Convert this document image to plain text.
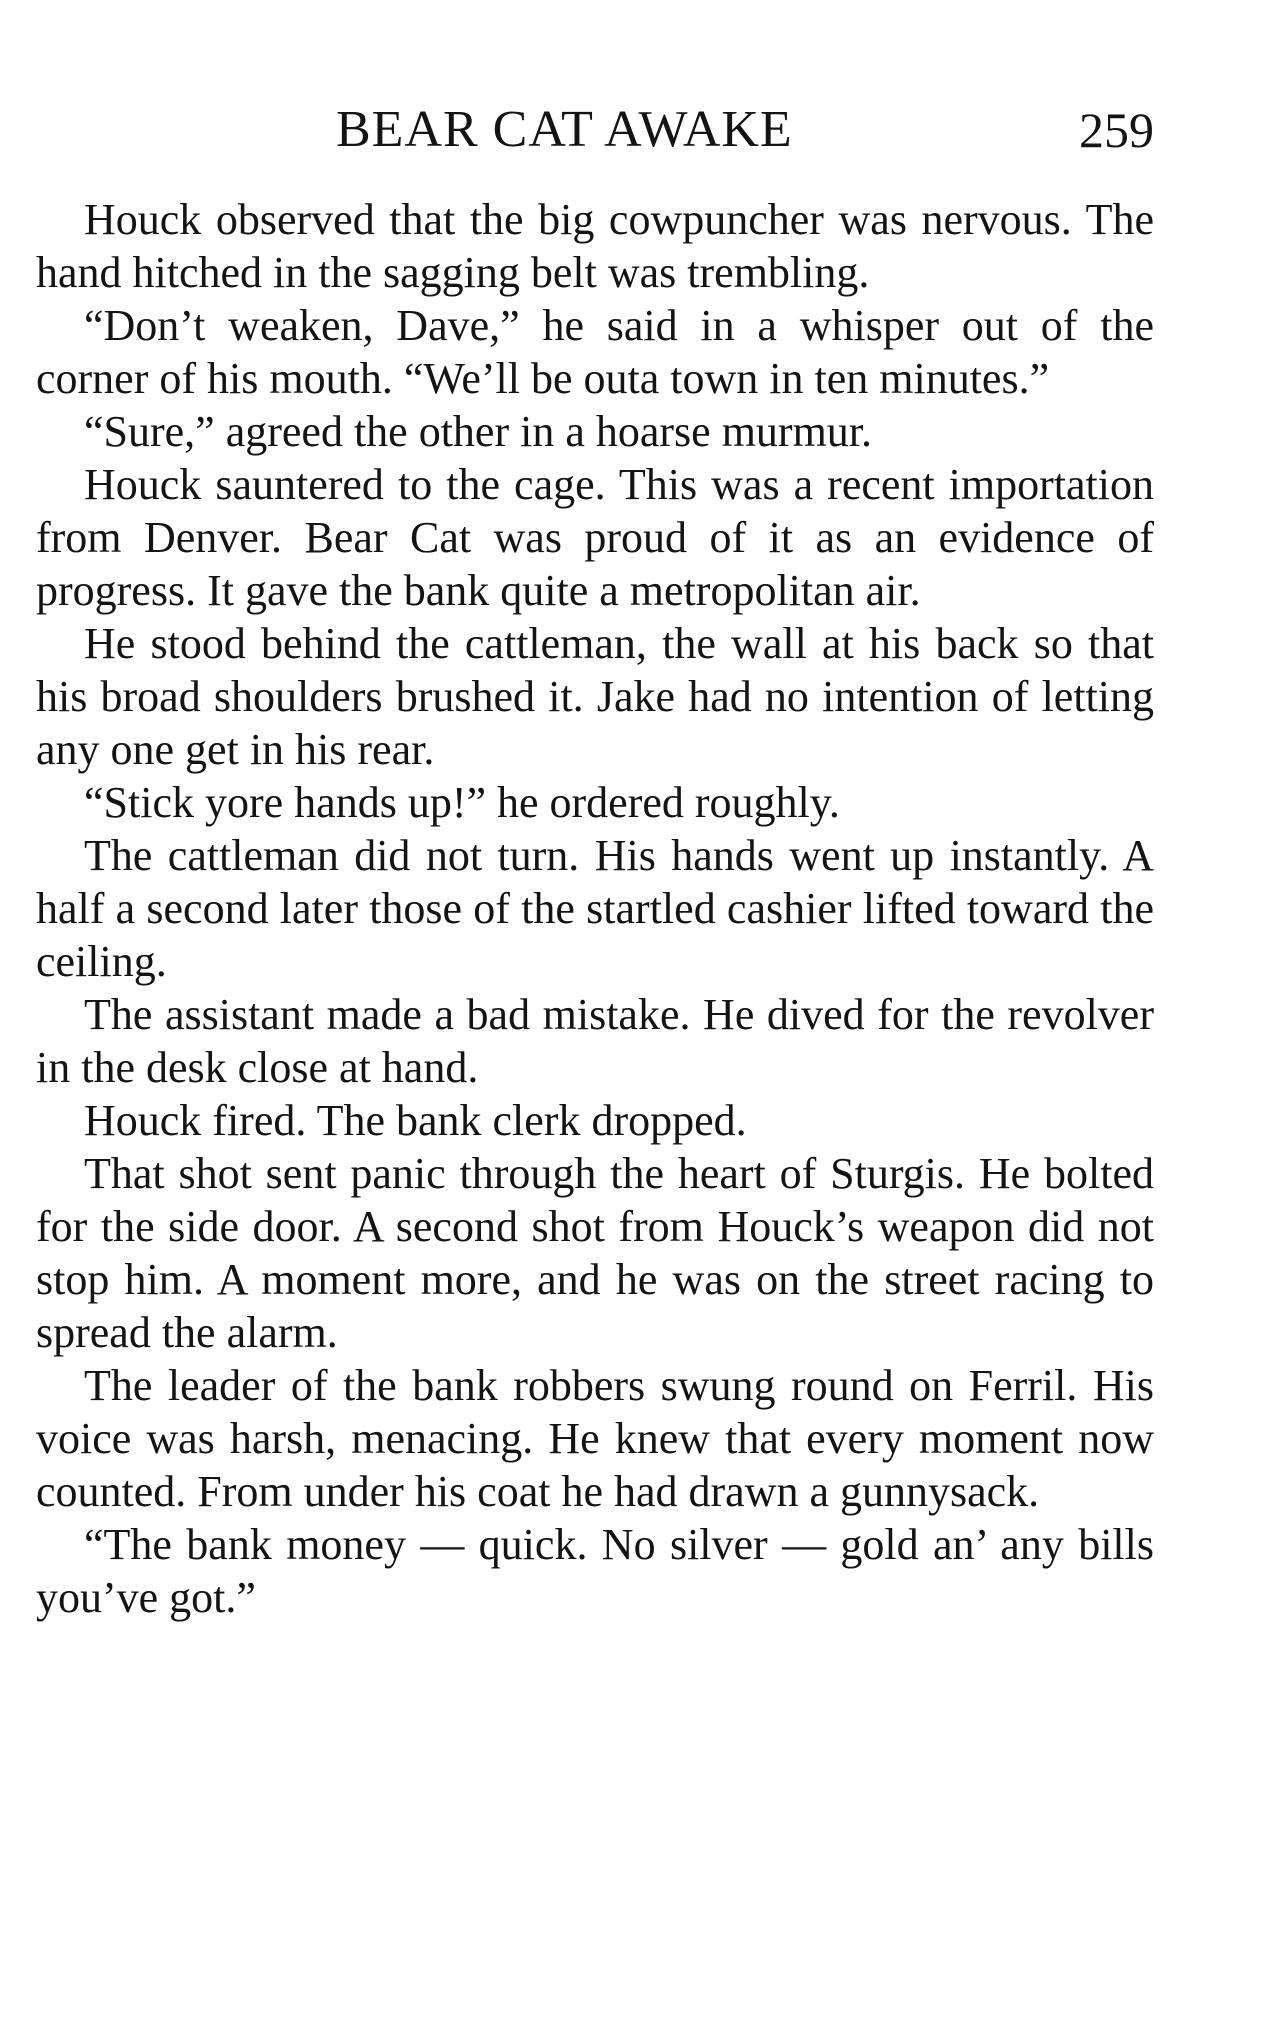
BEAR CAT AWAKE	259

Houck observed that the big cowpuncher was nervous. The hand hitched in the sagging belt was trembling.

“Don’t weaken, Dave,” he said in a whisper out of the corner of his mouth. “We’ll be outa town in ten minutes.”

“Sure,” agreed the other in a hoarse murmur.

Houck sauntered to the cage. This was a recent importation from Denver. Bear Cat was proud of it as an evidence of progress. It gave the bank quite a metropolitan air.

He stood behind the cattleman, the wall at his back so that his broad shoulders brushed it. Jake had no intention of letting any one get in his rear.

“Stick yore hands up!” he ordered roughly.

The cattleman did not turn. His hands went up instantly. A half a second later those of the startled cashier lifted toward the ceiling.

The assistant made a bad mistake. He dived for the revolver in the desk close at hand.

Houck fired. The bank clerk dropped.

That shot sent panic through the heart of Sturgis. He bolted for the side door. A second shot from Houck’s weapon did not stop him. A moment more, and he was on the street racing to spread the alarm.

The leader of the bank robbers swung round on Ferril. His voice was harsh, menacing. He knew that every moment now counted. From under his coat he had drawn a gunnysack.

“The bank money — quick. No silver — gold an’ any bills you’ve got.”
